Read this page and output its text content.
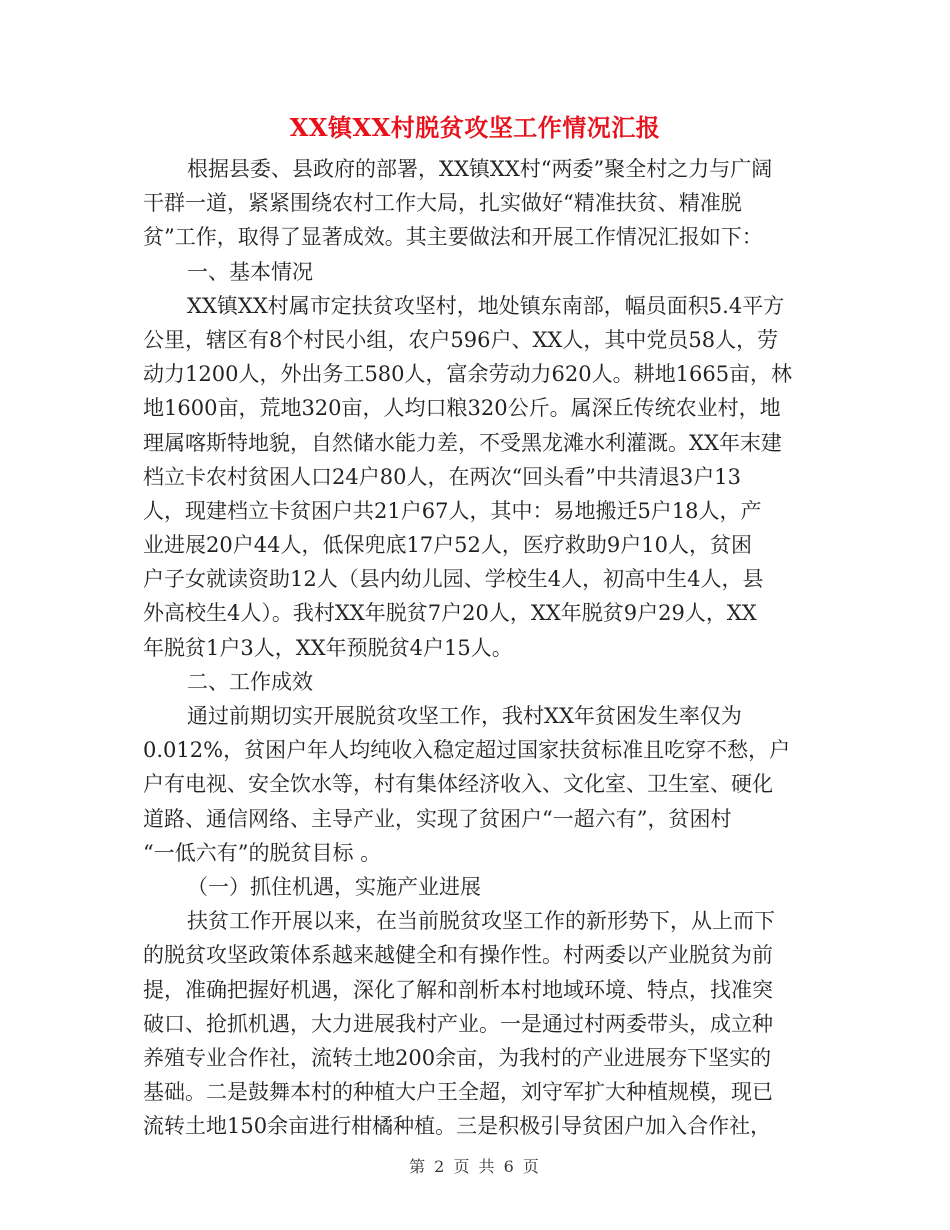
XX镇XX村脱贫攻坚工作情况汇报
根据县委、县政府的部署，XX镇XX村“两委”聚全村之力与广阔
干群一道，紧紧围绕农村工作大局，扎实做好“精准扶贫、精准脱
贫”工作，取得了显著成效。其主要做法和开展工作情况汇报如下：
一、基本情况
XX镇XX村属市定扶贫攻坚村，地处镇东南部，幅员面积5.4平方
公里，辖区有8个村民小组，农户596户、XX人，其中党员58人，劳
动力1200人，外出务工580人，富余劳动力620人。耕地1665亩，林
地1600亩，荒地320亩，人均口粮320公斤。属深丘传统农业村，地
理属喀斯特地貌，自然储水能力差，不受黑龙滩水利灌溉。XX年末建
档立卡农村贫困人口24户80人，在两次“回头看”中共清退3户13
人，现建档立卡贫困户共21户67人，其中：易地搬迁5户18人，产
业进展20户44人，低保兜底17户52人，医疗救助9户10人，贫困
户子女就读资助12人（县内幼儿园、学校生4人，初高中生4人，县
外高校生4人）。我村XX年脱贫7户20人，XX年脱贫9户29人，XX
年脱贫1户3人，XX年预脱贫4户15人。
二、工作成效
通过前期切实开展脱贫攻坚工作，我村XX年贫困发生率仅为
0.012%，贫困户年人均纯收入稳定超过国家扶贫标准且吃穿不愁，户
户有电视、安全饮水等，村有集体经济收入、文化室、卫生室、硬化
道路、通信网络、主导产业，实现了贫困户“一超六有”，贫困村
“一低六有”的脱贫目标 。
（一）抓住机遇，实施产业进展
扶贫工作开展以来，在当前脱贫攻坚工作的新形势下，从上而下
的脱贫攻坚政策体系越来越健全和有操作性。村两委以产业脱贫为前
提，准确把握好机遇，深化了解和剖析本村地域环境、特点，找准突
破口、抢抓机遇，大力进展我村产业。一是通过村两委带头，成立种
养殖专业合作社，流转土地200余亩，为我村的产业进展夯下坚实的
基础。二是鼓舞本村的种植大户王全超，刘守军扩大种植规模，现已
流转土地150余亩进行柑橘种植。三是积极引导贫困户加入合作社，
第 2 页 共 6 页
